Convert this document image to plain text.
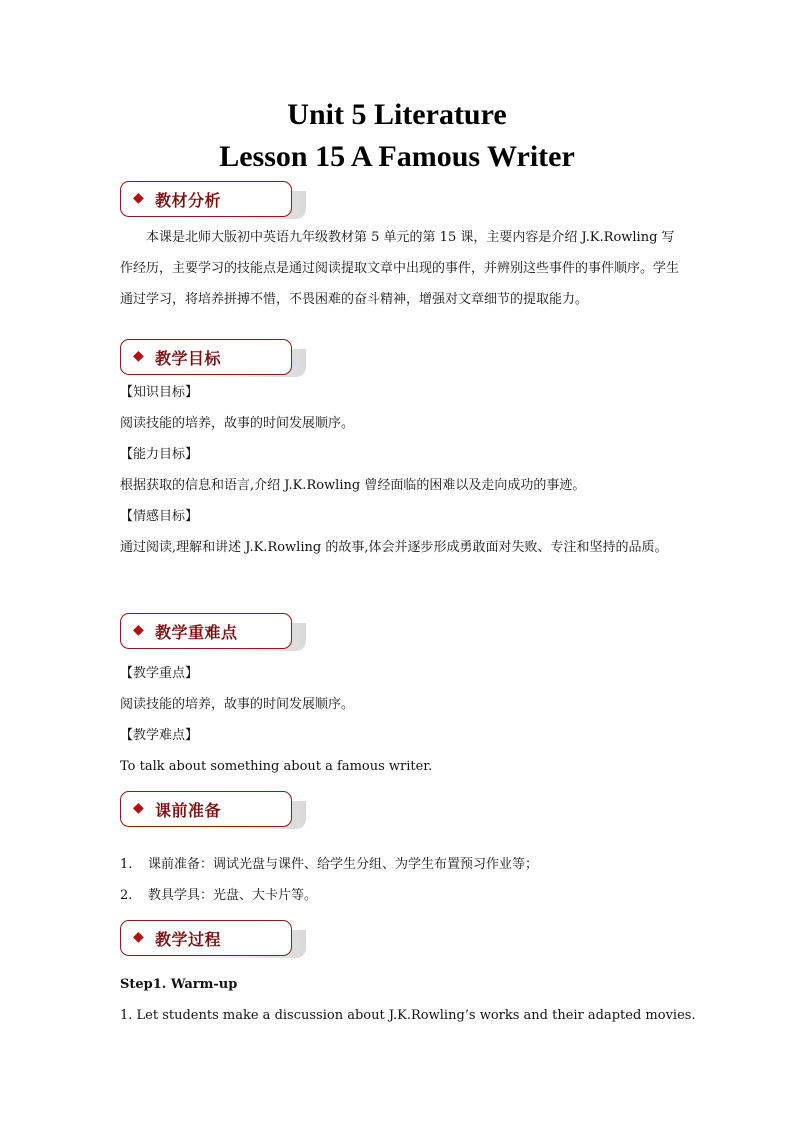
Unit 5 Literature
Lesson 15 A Famous Writer
◆ 教材分析
本课是北师大版初中英语九年级教材第 5 单元的第 15 课，主要内容是介绍 J.K.Rowling 写作经历，主要学习的技能点是通过阅读提取文章中出现的事件，并辨别这些事件的事件顺序。学生通过学习，将培养拼搏不惜，不畏困难的奋斗精神，增强对文章细节的提取能力。
◆ 教学目标
【知识目标】
阅读技能的培养，故事的时间发展顺序。
【能力目标】
根据获取的信息和语言,介绍 J.K.Rowling 曾经面临的困难以及走向成功的事迹。
【情感目标】
通过阅读,理解和讲述 J.K.Rowling 的故事,体会并逐步形成勇敢面对失败、专注和坚持的品质。
◆ 教学重难点
【教学重点】
阅读技能的培养，故事的时间发展顺序。
【教学难点】
To talk about something about a famous writer.
◆ 课前准备
1. 课前准备：调试光盘与课件、给学生分组、为学生布置预习作业等；
2. 教具学具：光盘、大卡片等。
◆ 教学过程
Step1. Warm-up
1. Let students make a discussion about J.K.Rowling’s works and their adapted movies.
